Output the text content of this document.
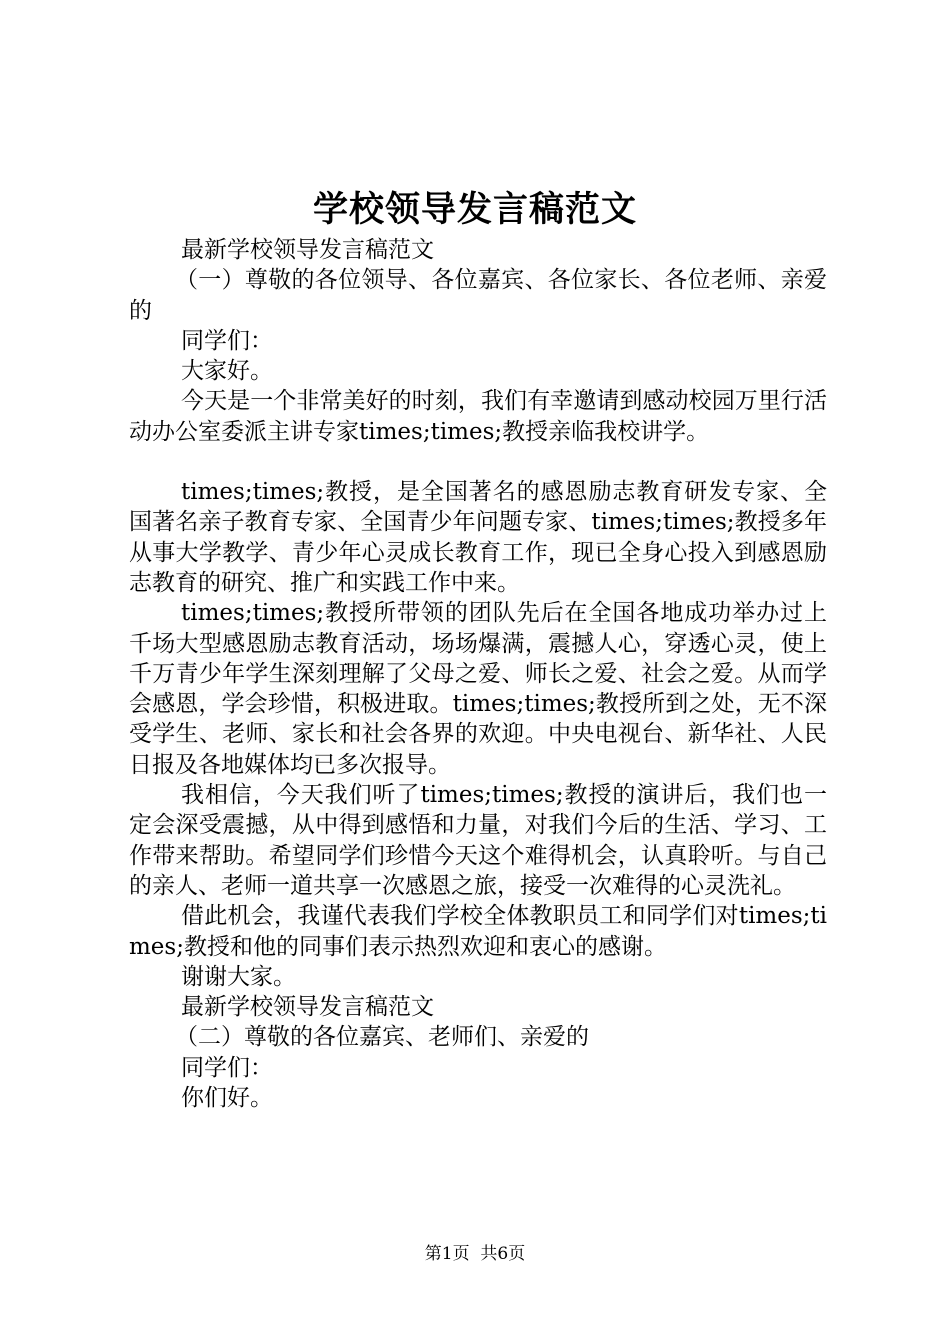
学校领导发言稿范文

最新学校领导发言稿范文

（一）尊敬的各位领导、各位嘉宾、各位家长、各位老师、亲爱的

同学们：

大家好。

今天是一个非常美好的时刻，我们有幸邀请到感动校园万里行活动办公室委派主讲专家times;times;教授亲临我校讲学。

times;times;教授，是全国著名的感恩励志教育研发专家、全国著名亲子教育专家、全国青少年问题专家、times;times;教授多年从事大学教学、青少年心灵成长教育工作，现已全身心投入到感恩励志教育的研究、推广和实践工作中来。

times;times;教授所带领的团队先后在全国各地成功举办过上千场大型感恩励志教育活动，场场爆满，震撼人心，穿透心灵，使上千万青少年学生深刻理解了父母之爱、师长之爱、社会之爱。从而学会感恩，学会珍惜，积极进取。times;times;教授所到之处，无不深受学生、老师、家长和社会各界的欢迎。中央电视台、新华社、人民日报及各地媒体均已多次报导。

我相信，今天我们听了times;times;教授的演讲后，我们也一定会深受震撼，从中得到感悟和力量，对我们今后的生活、学习、工作带来帮助。希望同学们珍惜今天这个难得机会，认真聆听。与自己的亲人、老师一道共享一次感恩之旅，接受一次难得的心灵洗礼。

借此机会，我谨代表我们学校全体教职员工和同学们对times;times;教授和他的同事们表示热烈欢迎和衷心的感谢。

谢谢大家。

最新学校领导发言稿范文

（二）尊敬的各位嘉宾、老师们、亲爱的

同学们：

你们好。

第1页 共6页
